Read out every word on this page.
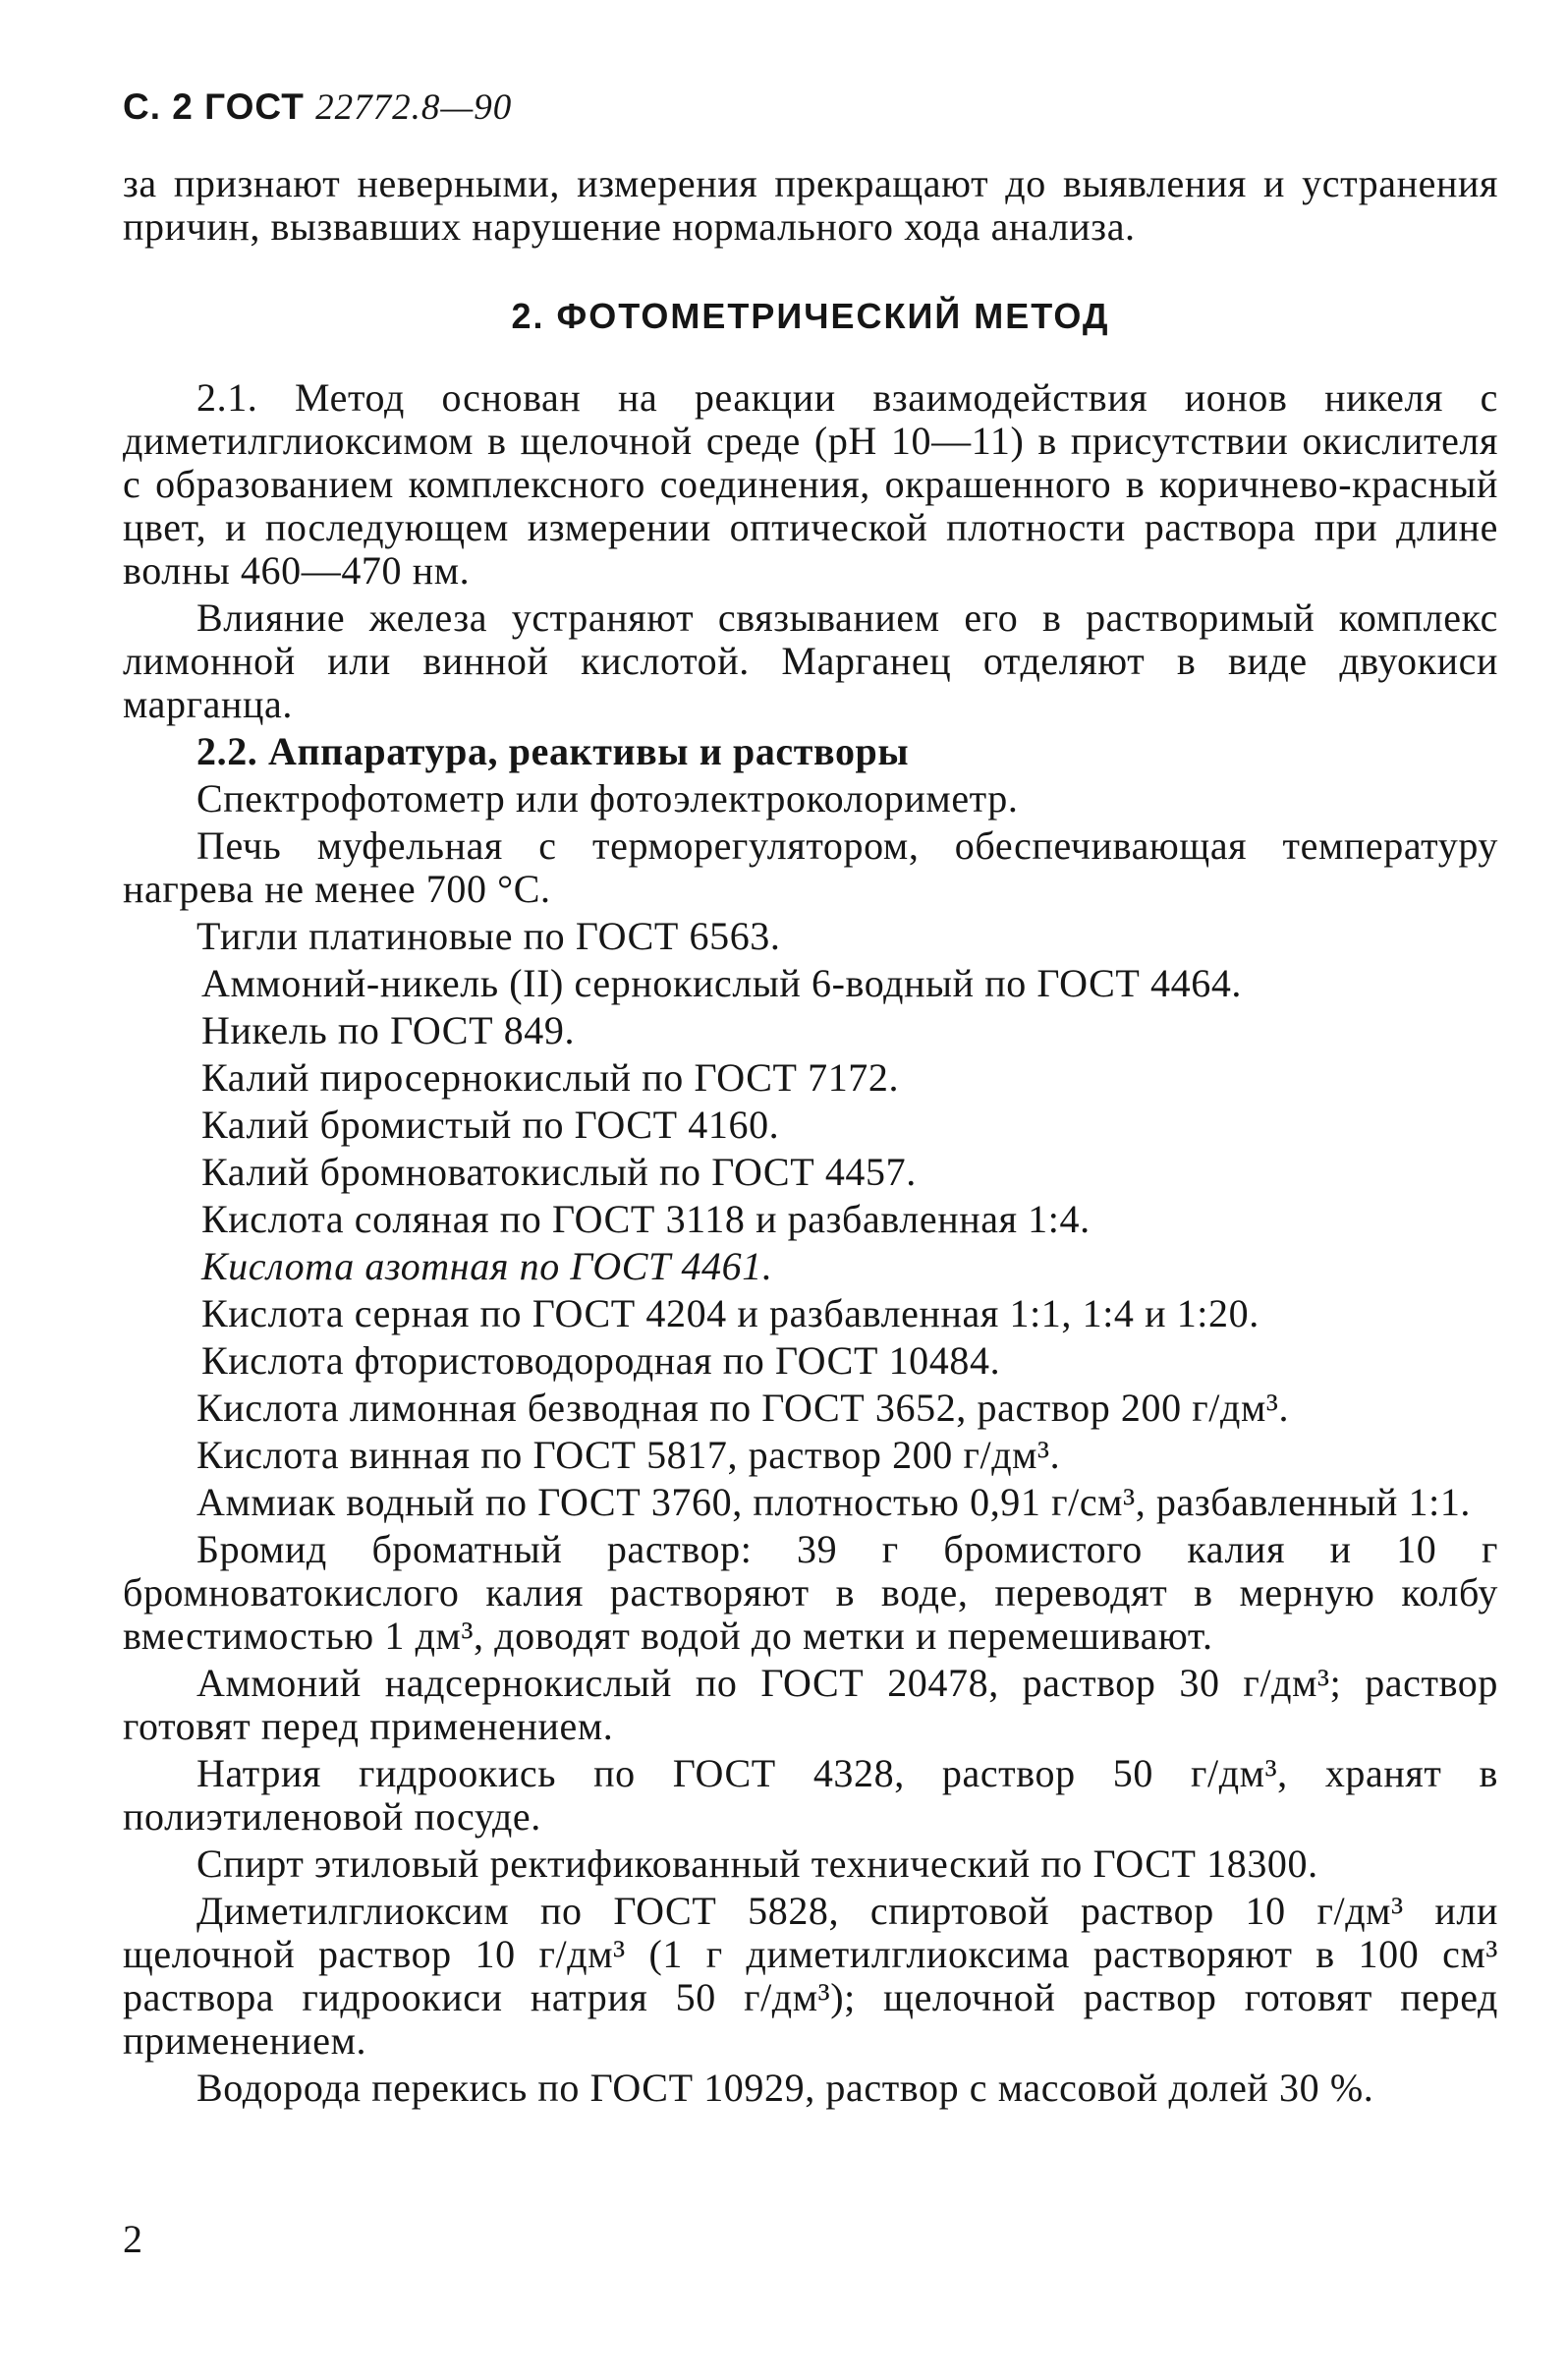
С. 2 ГОСТ 22772.8—90

за признают неверными, измерения прекращают до выявления и устранения причин, вызвавших нарушение нормального хода анализа.

2. ФОТОМЕТРИЧЕСКИЙ МЕТОД

2.1. Метод основан на реакции взаимодействия ионов никеля с диметилглиоксимом в щелочной среде (рН 10—11) в присутствии окислителя с образованием комплексного соединения, окрашенного в коричнево-красный цвет, и последующем измерении оптической плотности раствора при длине волны 460—470 нм.

Влияние железа устраняют связыванием его в растворимый комплекс лимонной или винной кислотой. Марганец отделяют в виде двуокиси марганца.

2.2. Аппаратура, реактивы и растворы

Спектрофотометр или фотоэлектроколориметр.

Печь муфельная с терморегулятором, обеспечивающая температуру нагрева не менее 700 °С.

Тигли платиновые по ГОСТ 6563.

Аммоний-никель (II) сернокислый 6-водный по ГОСТ 4464.

Никель по ГОСТ 849.

Калий пиросернокислый по ГОСТ 7172.

Калий бромистый по ГОСТ 4160.

Калий бромноватокислый по ГОСТ 4457.

Кислота соляная по ГОСТ 3118 и разбавленная 1:4.

Кислота азотная по ГОСТ 4461.

Кислота серная по ГОСТ 4204 и разбавленная 1:1, 1:4 и 1:20.

Кислота фтористоводородная по ГОСТ 10484.

Кислота лимонная безводная по ГОСТ 3652, раствор 200 г/дм³.

Кислота винная по ГОСТ 5817, раствор 200 г/дм³.

Аммиак водный по ГОСТ 3760, плотностью 0,91 г/см³, разбавленный 1:1.

Бромид броматный раствор: 39 г бромистого калия и 10 г бромноватокислого калия растворяют в воде, переводят в мерную колбу вместимостью 1 дм³, доводят водой до метки и перемешивают.

Аммоний надсернокислый по ГОСТ 20478, раствор 30 г/дм³; раствор готовят перед применением.

Натрия гидроокись по ГОСТ 4328, раствор 50 г/дм³, хранят в полиэтиленовой посуде.

Спирт этиловый ректификованный технический по ГОСТ 18300.

Диметилглиоксим по ГОСТ 5828, спиртовой раствор 10 г/дм³ или щелочной раствор 10 г/дм³ (1 г диметилглиоксима растворяют в 100 см³ раствора гидроокиси натрия 50 г/дм³); щелочной раствор готовят перед применением.

Водорода перекись по ГОСТ 10929, раствор с массовой долей 30 %.

2
